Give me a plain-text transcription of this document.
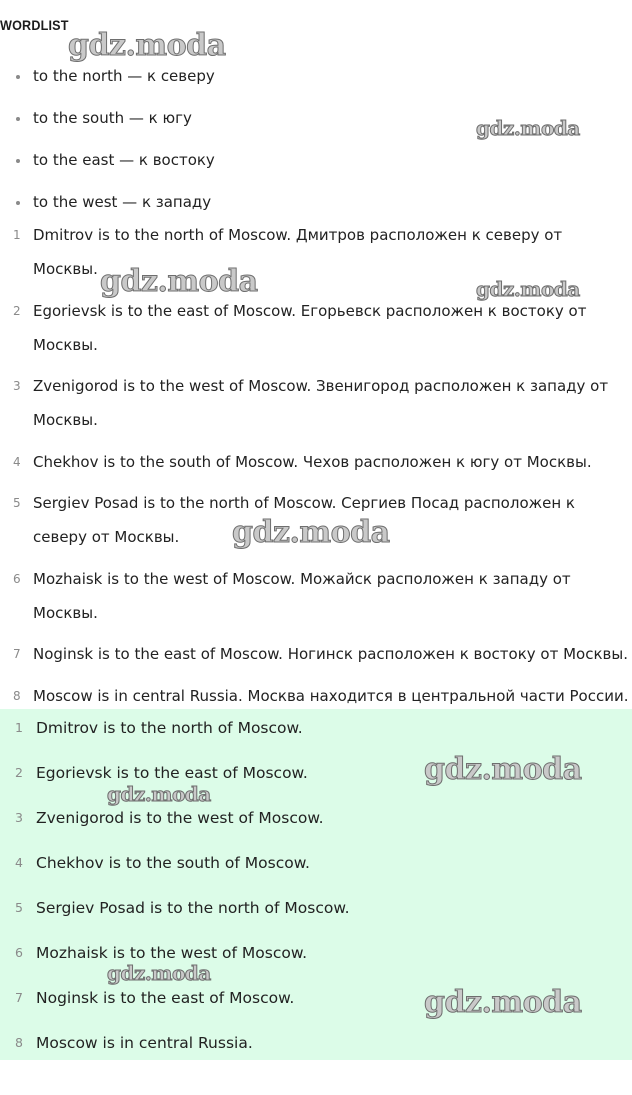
WORDLIST
to the north — к северу
to the south — к югу
to the east — к востоку
to the west — к западу
1 Dmitrov is to the north of Moscow. Дмитров расположен к северу от Москвы.
2 Egorievsk is to the east of Moscow. Егорьевск расположен к востоку от Москвы.
3 Zvenigorod is to the west of Moscow. Звенигород расположен к западу от Москвы.
4 Chekhov is to the south of Moscow. Чехов расположен к югу от Москвы.
5 Sergiev Posad is to the north of Moscow. Сергиев Посад расположен к северу от Москвы.
6 Mozhaisk is to the west of Moscow. Можайск расположен к западу от Москвы.
7 Noginsk is to the east of Moscow. Ногинск расположен к востоку от Москвы.
8 Moscow is in central Russia. Москва находится в центральной части России.
1 Dmitrov is to the north of Moscow.
2 Egorievsk is to the east of Moscow.
3 Zvenigorod is to the west of Moscow.
4 Chekhov is to the south of Moscow.
5 Sergiev Posad is to the north of Moscow.
6 Mozhaisk is to the west of Moscow.
7 Noginsk is to the east of Moscow.
8 Moscow is in central Russia.
gdz.moda
gdz.moda
gdz.moda	gdz.moda
gdz.moda
gdz.moda
gdz.moda
gdz.moda
gdz.moda
